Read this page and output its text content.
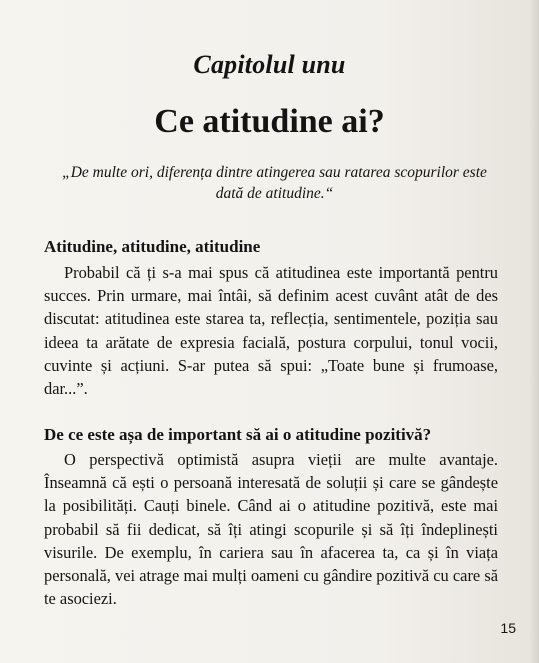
Capitolul unu
Ce atitudine ai?
„De multe ori, diferența dintre atingerea sau ratarea scopurilor este dată de atitudine.“
Atitudine, atitudine, atitudine
Probabil că ți s-a mai spus că atitudinea este importantă pentru succes. Prin urmare, mai întâi, să definim acest cuvânt atât de des discutat: atitudinea este starea ta, reflecția, sentimentele, poziția sau ideea ta arătate de expresia facială, postura corpului, tonul vocii, cuvinte și acțiuni. S-ar putea să spui: „Toate bune și frumoase, dar...”.
De ce este așa de important să ai o atitudine pozitivă?
O perspectivă optimistă asupra vieții are multe avantaje. Înseamnă că ești o persoană interesată de soluții și care se gândește la posibilități. Cauți binele. Când ai o atitudine pozitivă, este mai probabil să fii dedicat, să îți atingi scopurile și să îți îndeplinești visurile. De exemplu, în cariera sau în afacerea ta, ca și în viața personală, vei atrage mai mulți oameni cu gândire pozitivă cu care să te asociezi.
15
